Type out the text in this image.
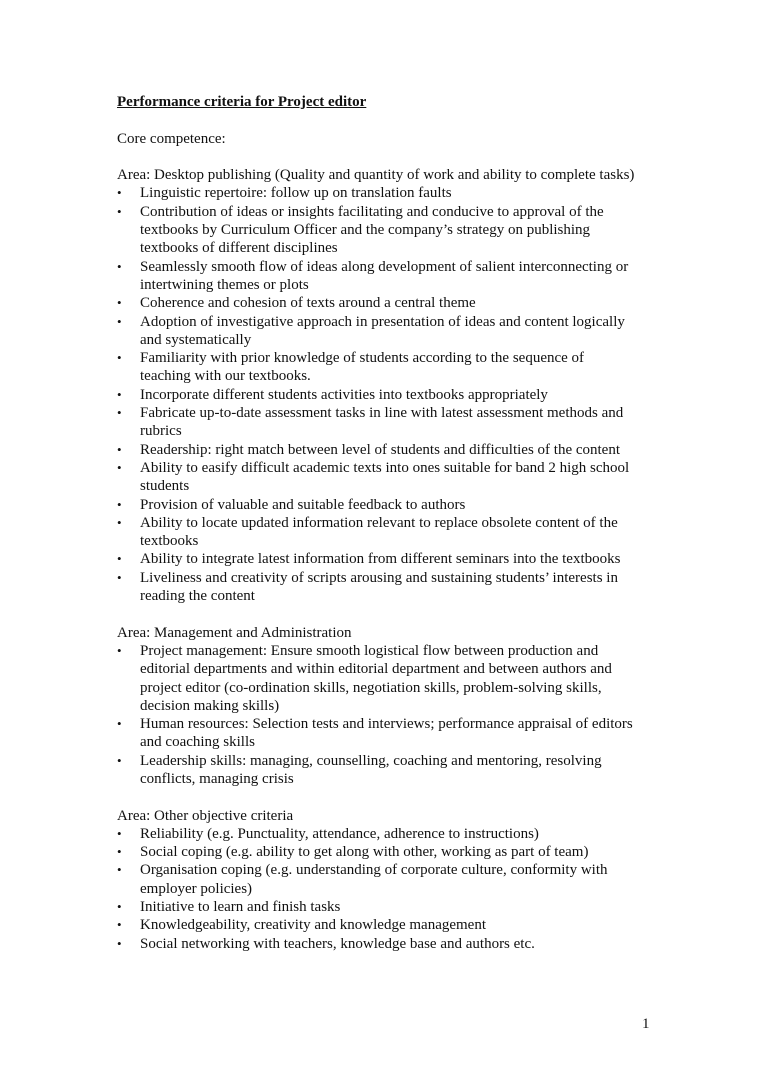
Performance criteria for Project editor
Core competence:
Area: Desktop publishing (Quality and quantity of work and ability to complete tasks)
• Linguistic repertoire: follow up on translation faults
• Contribution of ideas or insights facilitating and conducive to approval of the
textbooks by Curriculum Officer and the company’s strategy on publishing
textbooks of different disciplines
• Seamlessly smooth flow of ideas along development of salient interconnecting or
intertwining themes or plots
• Coherence and cohesion of texts around a central theme
• Adoption of investigative approach in presentation of ideas and content logically
and systematically
• Familiarity with prior knowledge of students according to the sequence of
teaching with our textbooks.
• Incorporate different students activities into textbooks appropriately
• Fabricate up-to-date assessment tasks in line with latest assessment methods and
rubrics
• Readership: right match between level of students and difficulties of the content
• Ability to easify difficult academic texts into ones suitable for band 2 high school
students
• Provision of valuable and suitable feedback to authors
• Ability to locate updated information relevant to replace obsolete content of the
textbooks
• Ability to integrate latest information from different seminars into the textbooks
• Liveliness and creativity of scripts arousing and sustaining students’ interests in
reading the content
Area: Management and Administration
• Project management: Ensure smooth logistical flow between production and
editorial departments and within editorial department and between authors and
project editor (co-ordination skills, negotiation skills, problem-solving skills,
decision making skills)
• Human resources: Selection tests and interviews; performance appraisal of editors
and coaching skills
• Leadership skills: managing, counselling, coaching and mentoring, resolving
conflicts, managing crisis
Area: Other objective criteria
• Reliability (e.g. Punctuality, attendance, adherence to instructions)
• Social coping (e.g. ability to get along with other, working as part of team)
• Organisation coping (e.g. understanding of corporate culture, conformity with
employer policies)
• Initiative to learn and finish tasks
• Knowledgeability, creativity and knowledge management
• Social networking with teachers, knowledge base and authors etc.
1
